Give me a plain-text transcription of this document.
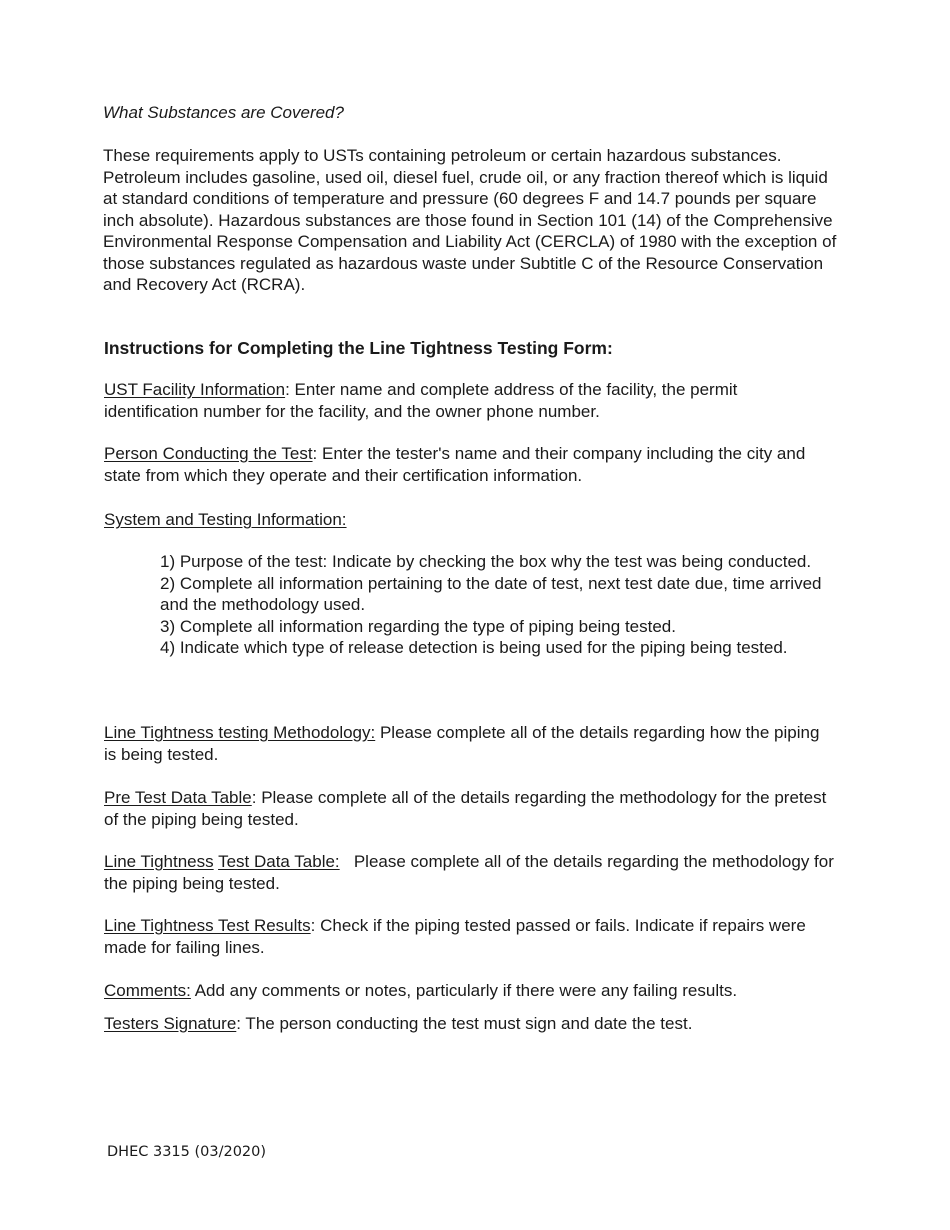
What Substances are Covered?
These requirements apply to USTs containing petroleum or certain hazardous substances. Petroleum includes gasoline, used oil, diesel fuel, crude oil, or any fraction thereof which is liquid at standard conditions of temperature and pressure (60 degrees F and 14.7 pounds per square inch absolute). Hazardous substances are those found in Section 101 (14) of the Comprehensive Environmental Response Compensation and Liability Act (CERCLA) of 1980 with the exception of those substances regulated as hazardous waste under Subtitle C of the Resource Conservation and Recovery Act (RCRA).
Instructions for Completing the Line Tightness Testing Form:
UST Facility Information: Enter name and complete address of the facility, the permit identification number for the facility, and the owner phone number.
Person Conducting the Test: Enter the tester's name and their company including the city and state from which they operate and their certification information.
System and Testing Information:
1) Purpose of the test: Indicate by checking the box why the test was being conducted.
2) Complete all information pertaining to the date of test, next test date due, time arrived and the methodology used.
3) Complete all information regarding the type of piping being tested.
4) Indicate which type of release detection is being used for the piping being tested.
Line Tightness testing Methodology: Please complete all of the details regarding how the piping is being tested.
Pre Test Data Table: Please complete all of the details regarding the methodology for the pretest of the piping being tested.
Line Tightness Test Data Table:   Please complete all of the details regarding the methodology for the piping being tested.
Line Tightness Test Results: Check if the piping tested passed or fails. Indicate if repairs were made for failing lines.
Comments: Add any comments or notes, particularly if there were any failing results.
Testers Signature: The person conducting the test must sign and date the test.
DHEC 3315 (03/2020)
